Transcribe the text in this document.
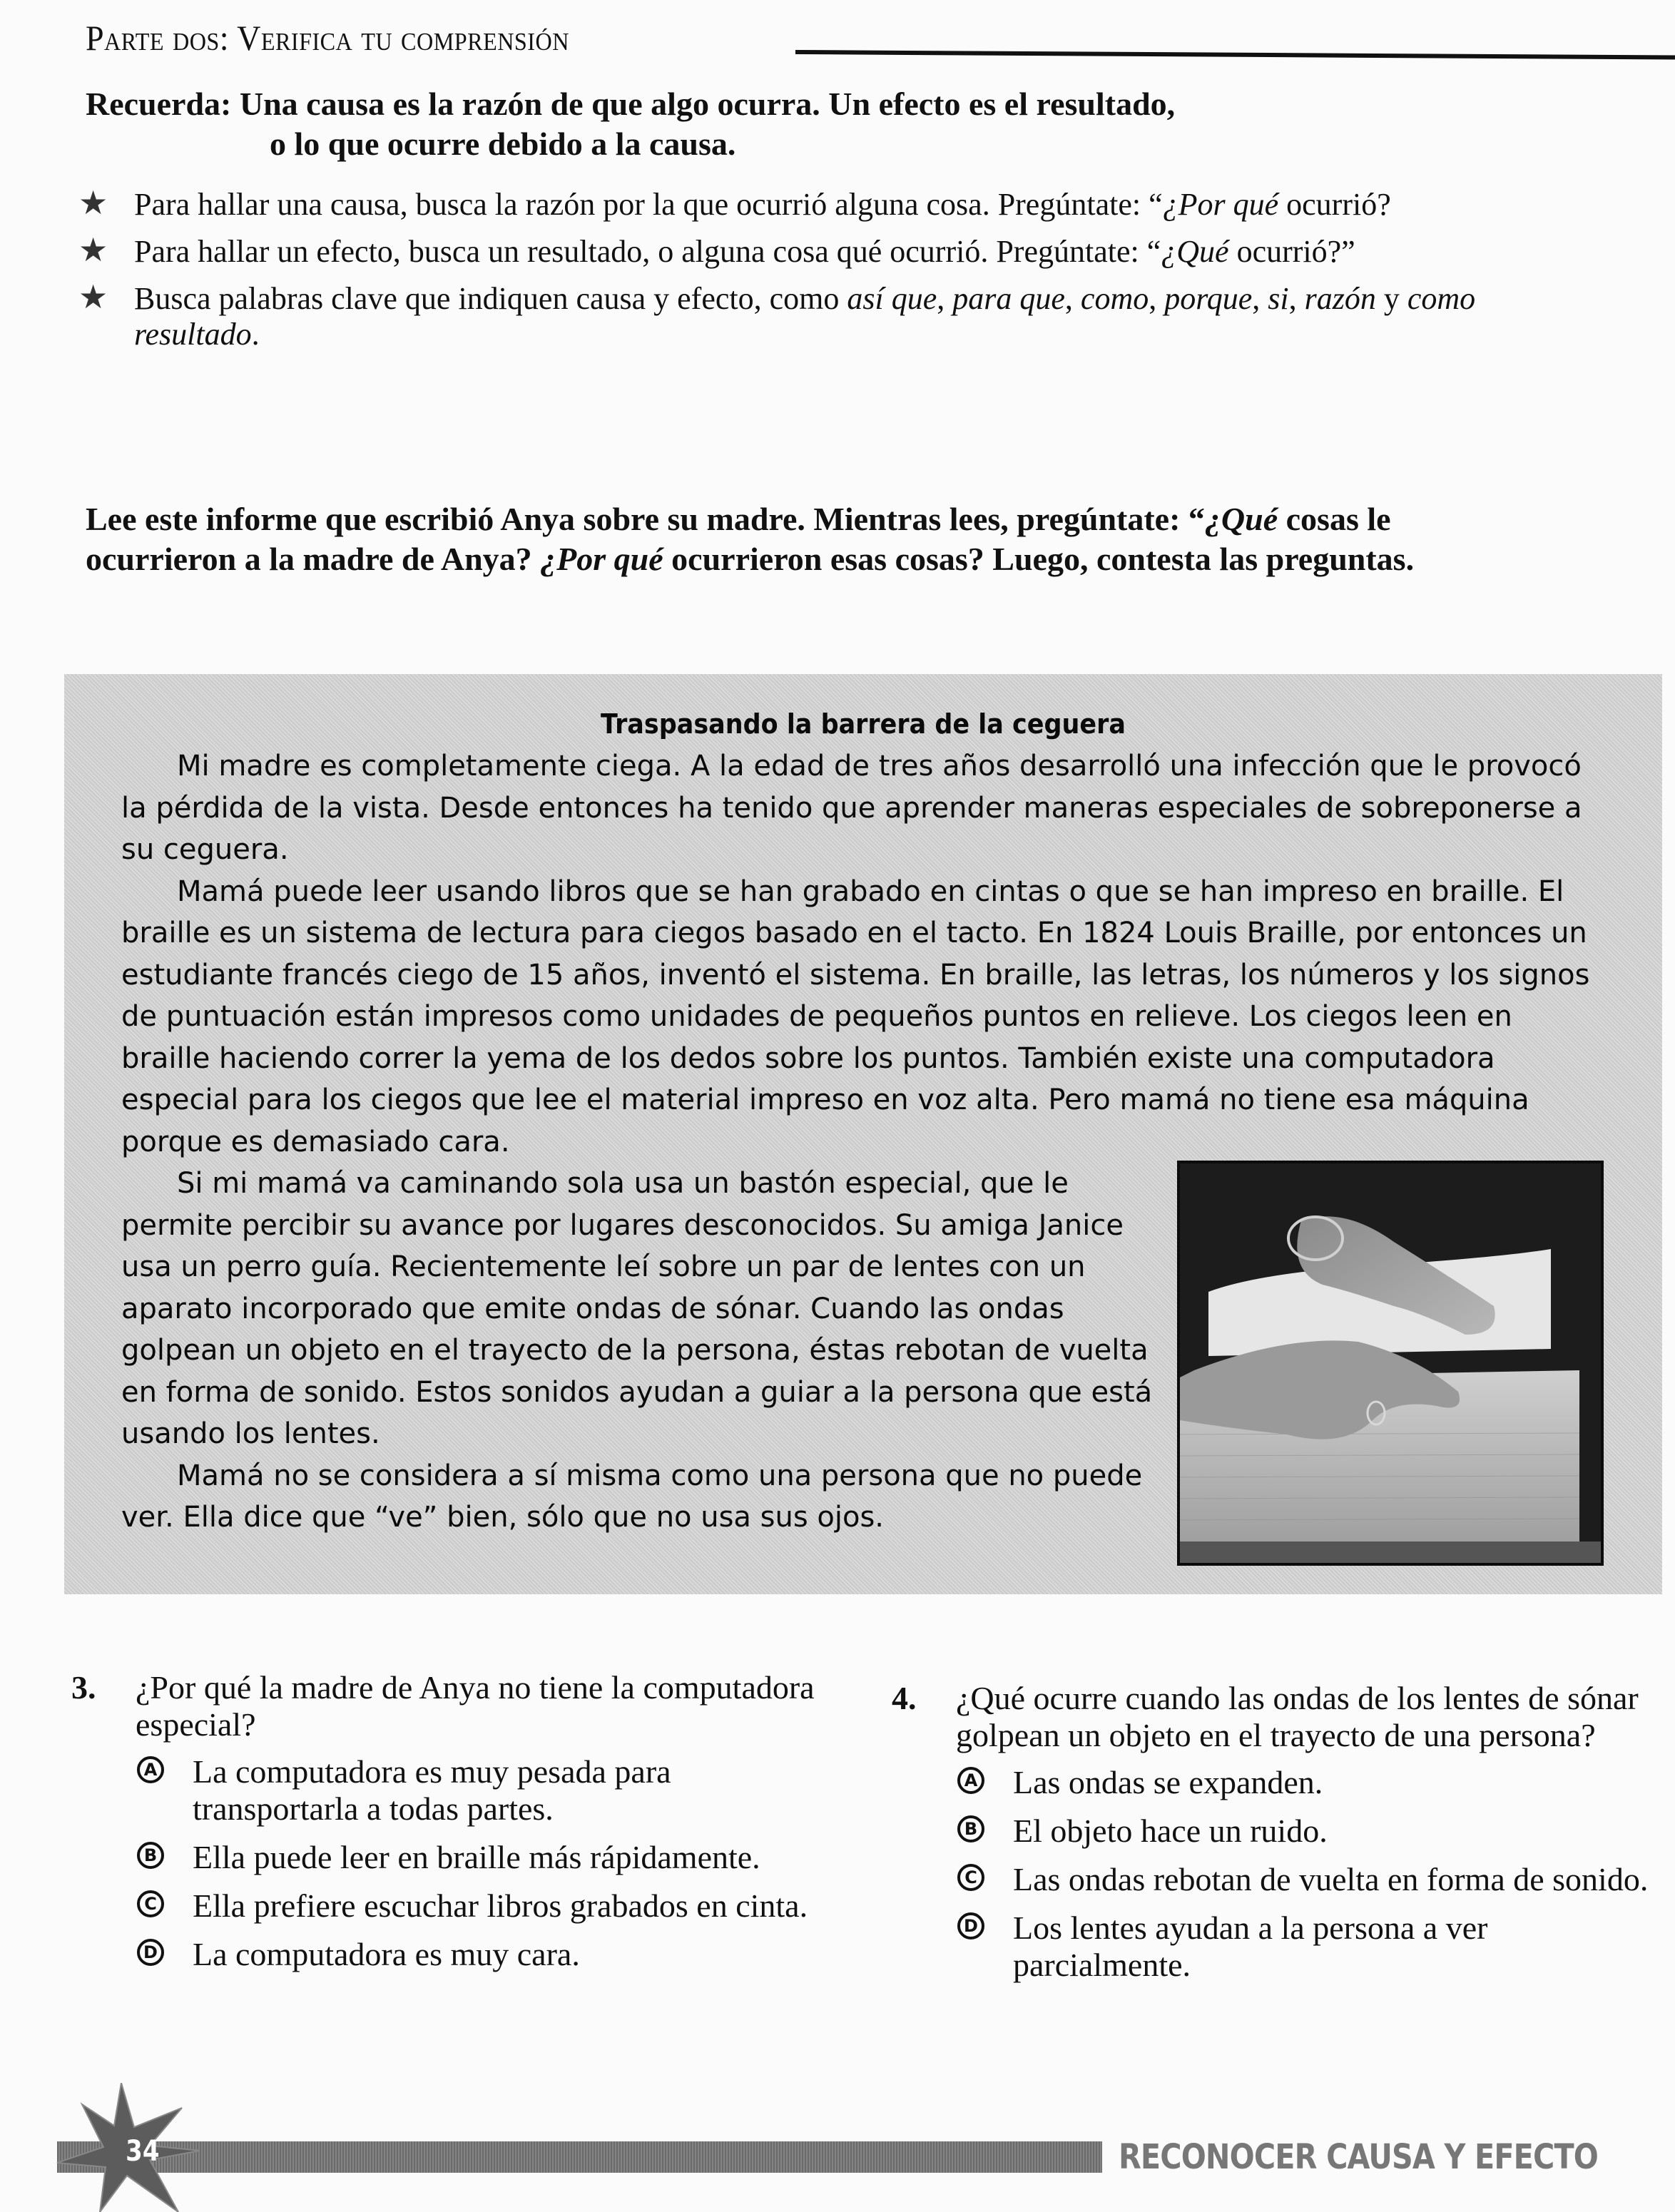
Parte dos: Verifica tu comprensión
Recuerda: Una causa es la razón de que algo ocurra. Un efecto es el resultado,
o lo que ocurre debido a la causa.
★ Para hallar una causa, busca la razón por la que ocurrió alguna cosa. Pregúntate: “¿Por qué ocurrió?
★ Para hallar un efecto, busca un resultado, o alguna cosa qué ocurrió. Pregúntate: “¿Qué ocurrió?”
★ Busca palabras clave que indiquen causa y efecto, como así que, para que, como, porque, si, razón y como resultado.
Lee este informe que escribió Anya sobre su madre. Mientras lees, pregúntate: “¿Qué cosas le ocurrieron a la madre de Anya? ¿Por qué ocurrieron esas cosas? Luego, contesta las preguntas.
Traspasando la barrera de la ceguera

Mi madre es completamente ciega. A la edad de tres años desarrolló una infección que le provocó la pérdida de la vista. Desde entonces ha tenido que aprender maneras especiales de sobreponerse a su ceguera.

Mamá puede leer usando libros que se han grabado en cintas o que se han impreso en braille. El braille es un sistema de lectura para ciegos basado en el tacto. En 1824 Louis Braille, por entonces un estudiante francés ciego de 15 años, inventó el sistema. En braille, las letras, los números y los signos de puntuación están impresos como unidades de pequeños puntos en relieve. Los ciegos leen en braille haciendo correr la yema de los dedos sobre los puntos. También existe una computadora especial para los ciegos que lee el material impreso en voz alta. Pero mamá no tiene esa máquina porque es demasiado cara.

Si mi mamá va caminando sola usa un bastón especial, que le permite percibir su avance por lugares desconocidos. Su amiga Janice usa un perro guía. Recientemente leí sobre un par de lentes con un aparato incorporado que emite ondas de sónar. Cuando las ondas golpean un objeto en el trayecto de la persona, éstas rebotan de vuelta en forma de sonido. Estos sonidos ayudan a guiar a la persona que está usando los lentes.

Mamá no se considera a sí misma como una persona que no puede ver. Ella dice que “ve” bien, sólo que no usa sus ojos.

3. ¿Por qué la madre de Anya no tiene la computadora especial?
A La computadora es muy pesada para transportarla a todas partes.
B Ella puede leer en braille más rápidamente.
C Ella prefiere escuchar libros grabados en cinta.
D La computadora es muy cara.
4. ¿Qué ocurre cuando las ondas de los lentes de sónar golpean un objeto en el trayecto de una persona?
A Las ondas se expanden.
B El objeto hace un ruido.
C Las ondas rebotan de vuelta en forma de sonido.
D Los lentes ayudan a la persona a ver parcialmente.
34	RECONOCER CAUSA Y EFECTO
